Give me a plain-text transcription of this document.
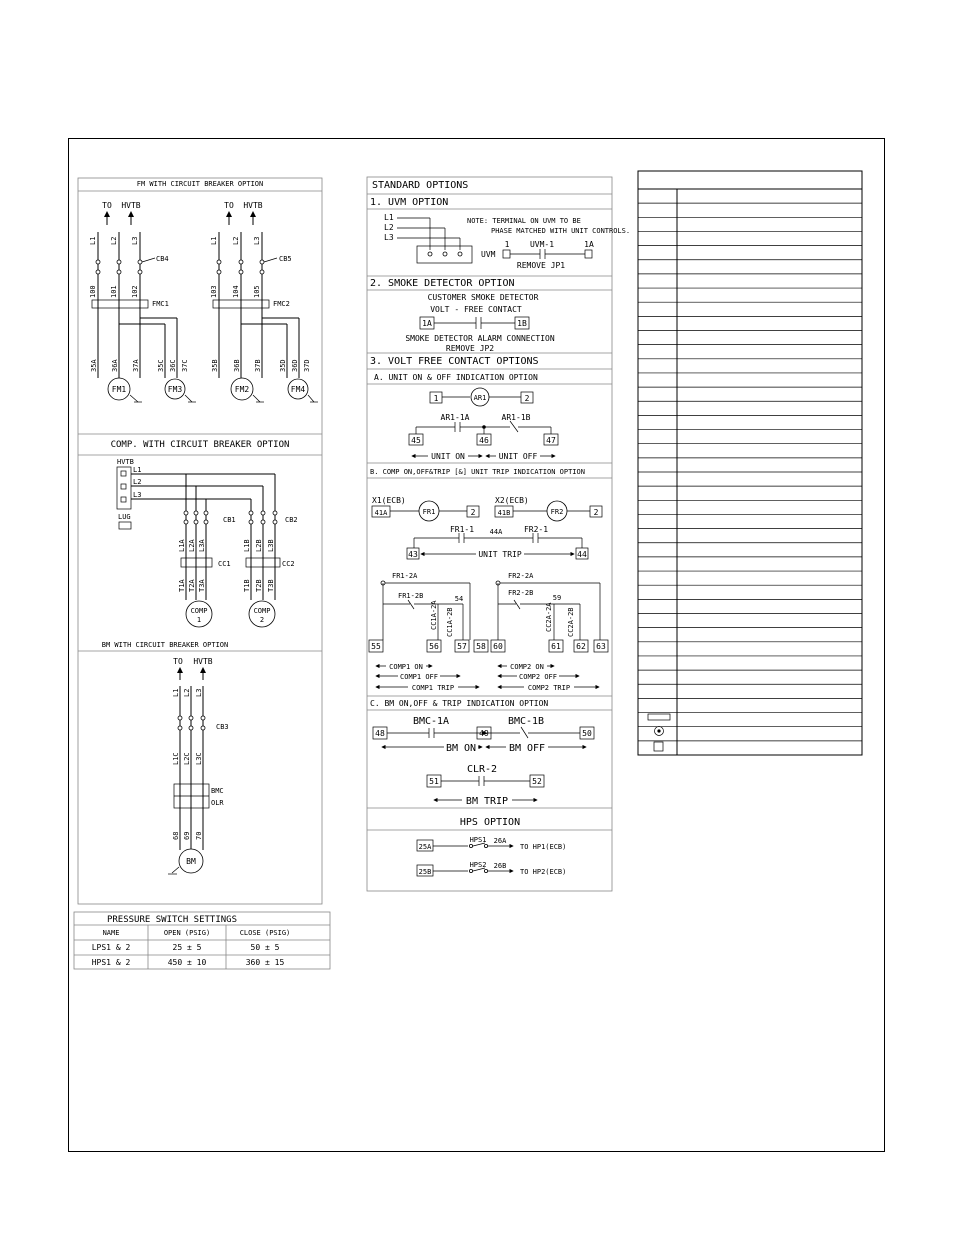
FM WITH CIRCUIT BREAKER OPTION
TO HVTB
L1 L2 L3
CB4
100 101 102
FMC1
35A 36A 37A 35C 36C 37C
FM1	FM3
TO HVTB
L1 L2 L3
CB5
103 104 105
FMC2
35B 36B 37B 35D 36D 37D
FM2	FM4
COMP. WITH CIRCUIT BREAKER OPTION
HVTB
L1
L2
L3
LUG	CB1	CB2
L1A L2A L3A	L1B L2B L3B
CC1	CC2
T1A T2A T3A	T1B T2B T3B
COMP
1
COMP
2
BM WITH CIRCUIT BREAKER OPTION
TO HVTB
L1 L2 L3
CB3
L1C L2C L3C
BMC
OLR
68 69 70
BM
PRESSURE SWITCH SETTINGS
NAME	OPEN (PSIG)	CLOSE (PSIG)
LPS1 & 2	25 ± 5	50 ± 5
HPS1 & 2	450 ± 10	360 ± 15
STANDARD OPTIONS
1. UVM OPTION
L1
L2
L3
NOTE: TERMINAL ON UVM TO BE
PHASE MATCHED WITH UNIT CONTROLS.
UVM
1	UVM-1	1A
REMOVE JP1
2. SMOKE DETECTOR OPTION
CUSTOMER SMOKE DETECTOR
VOLT - FREE CONTACT
1A	1B
SMOKE DETECTOR ALARM CONNECTION
REMOVE JP2
3. VOLT FREE CONTACT OPTIONS
A. UNIT ON & OFF INDICATION OPTION
1	AR1	2
AR1-1A	AR1-1B
45	46	47
UNIT ON	UNIT OFF
B. COMP ON,OFF&TRIP [&] UNIT TRIP INDICATION OPTION
X1(ECB)
41A	FR1	2
X2(ECB)
41B	FR2	2
FR1-1 44A	FR2-1
43	44
UNIT TRIP
FR1-2A
FR1-2B	54
CC1A-2A CC1A-2B
55	56 57 58
COMP1 ON
COMP1 OFF
COMP1 TRIP
FR2-2A
FR2-2B
59
CC2A-2A CC2A-2B
60	61 62 63
COMP2 ON
COMP2 OFF
COMP2 TRIP
C. BM ON,OFF & TRIP INDICATION OPTION
BMC-1A	BMC-1B
48	49	50
BM ON	BM OFF
CLR-2
51	52
BM TRIP
HPS OPTION
25A
HPS1 26A
TO HP1(ECB)
25B
HPS2 26B
TO HP2(ECB)
